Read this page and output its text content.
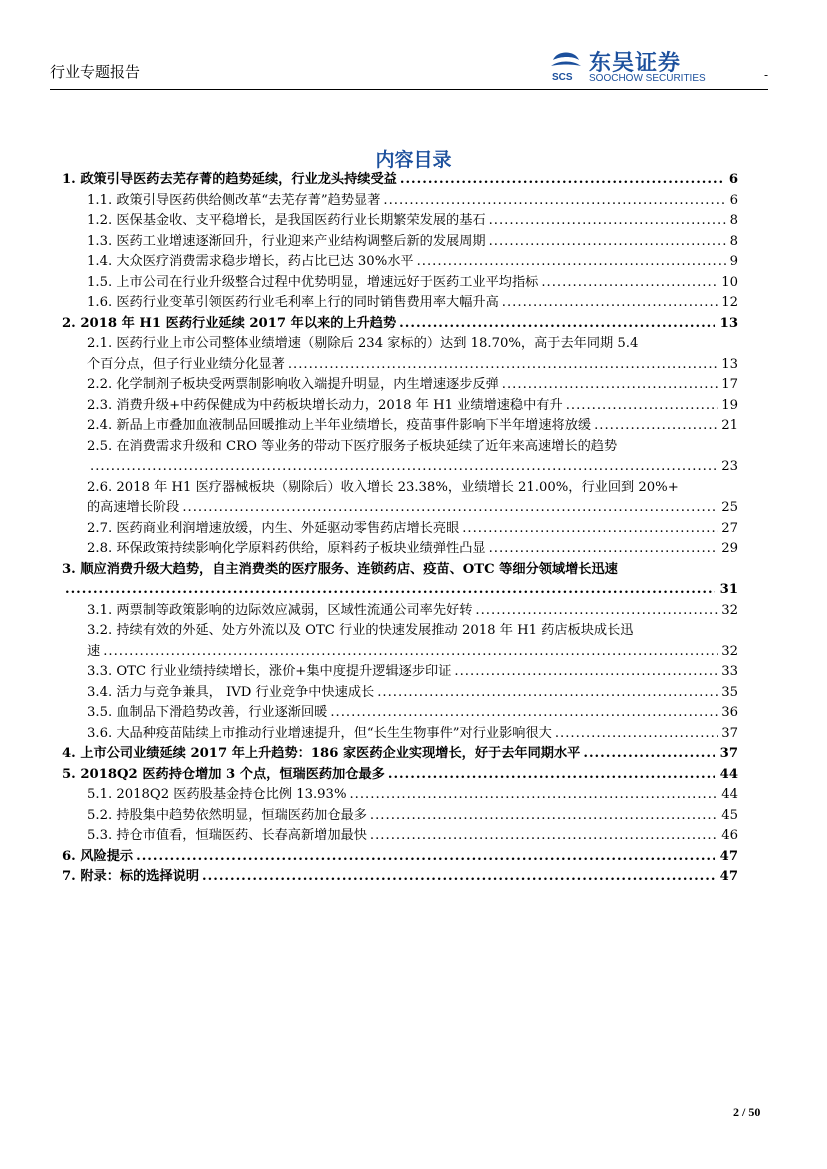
行业专题报告	SCS
东吴证券
SOOCHOW SECURITIES	-
内容目录
1. 政策引导医药去芜存菁的趋势延续，行业龙头持续受益 .....	6
1.1. 政策引导医药供给侧改革“去芜存菁”趋势显著 .....	6
1.2. 医保基金收、支平稳增长，是我国医药行业长期繁荣发展的基石 .....	8
1.3. 医药工业增速逐渐回升，行业迎来产业结构调整后新的发展周期 .....	8
1.4. 大众医疗消费需求稳步增长，药占比已达 30%水平 .....	9
1.5. 上市公司在行业升级整合过程中优势明显，增速远好于医药工业平均指标 .....	10
1.6. 医药行业变革引领医药行业毛利率上行的同时销售费用率大幅升高 .....	12
2. 2018 年 H1 医药行业延续 2017 年以来的上升趋势 .....	13
2.1. 医药行业上市公司整体业绩增速（剔除后 234 家标的）达到 18.70%，高于去年同期 5.4
个百分点，但子行业业绩分化显著 .....	13
2.2. 化学制剂子板块受两票制影响收入端提升明显，内生增速逐步反弹 .....	17
2.3. 消费升级+中药保健成为中药板块增长动力，2018 年 H1 业绩增速稳中有升 .....	19
2.4. 新品上市叠加血液制品回暖推动上半年业绩增长，疫苗事件影响下半年增速将放缓 .....	21
2.5. 在消费需求升级和 CRO 等业务的带动下医疗服务子板块延续了近年来高速增长的趋势
.....
23
2.6. 2018 年 H1 医疗器械板块（剔除后）收入增长 23.38%，业绩增长 21.00%，行业回到 20%+
的高速增长阶段 .....	25
2.7. 医药商业利润增速放缓，内生、外延驱动零售药店增长亮眼 .....	27
2.8. 环保政策持续影响化学原料药供给，原料药子板块业绩弹性凸显 .....	29
3. 顺应消费升级大趋势，自主消费类的医疗服务、连锁药店、疫苗、OTC 等细分领域增长迅速
.....
31
3.1. 两票制等政策影响的边际效应减弱，区域性流通公司率先好转 .....	32
3.2. 持续有效的外延、处方外流以及 OTC 行业的快速发展推动 2018 年 H1 药店板块成长迅
速 .....	32
3.3. OTC 行业业绩持续增长，涨价+集中度提升逻辑逐步印证 .....	33
3.4. 活力与竞争兼具， IVD 行业竞争中快速成长 .....	35
3.5. 血制品下滑趋势改善，行业逐渐回暖 .....	36
3.6. 大品种疫苗陆续上市推动行业增速提升，但“长生生物事件”对行业影响很大 .....	37
4. 上市公司业绩延续 2017 年上升趋势：186 家医药企业实现增长，好于去年同期水平 .....	37
5. 2018Q2 医药持仓增加 3 个点，恒瑞医药加仓最多 .....	44
5.1. 2018Q2 医药股基金持仓比例 13.93% .....	44
5.2. 持股集中趋势依然明显，恒瑞医药加仓最多 .....	45
5.3. 持仓市值看，恒瑞医药、长春高新增加最快 .....	46
6. 风险提示 .....	47
7. 附录：标的选择说明 .....	47
2 / 50
